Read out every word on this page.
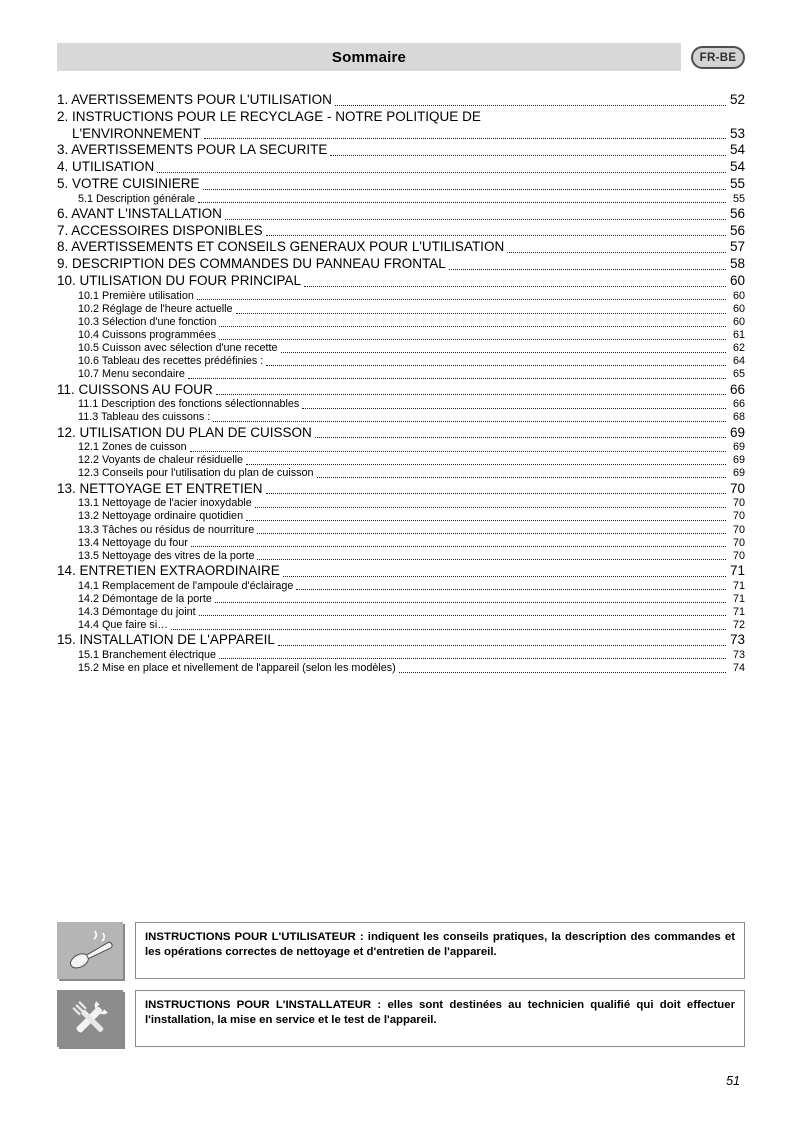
Sommaire	FR-BE
1. AVERTISSEMENTS POUR L'UTILISATION	52
2. INSTRUCTIONS POUR LE RECYCLAGE - NOTRE POLITIQUE DE
L'ENVIRONNEMENT	53
3. AVERTISSEMENTS POUR LA SECURITE	54
4. UTILISATION	54
5. VOTRE CUISINIERE	55
5.1 Description générale	55
6. AVANT L'INSTALLATION	56
7. ACCESSOIRES DISPONIBLES	56
8. AVERTISSEMENTS ET CONSEILS GENERAUX POUR L'UTILISATION	57
9. DESCRIPTION DES COMMANDES DU PANNEAU FRONTAL	58
10. UTILISATION DU FOUR PRINCIPAL	60
10.1 Première utilisation	60
10.2 Réglage de l'heure actuelle	60
10.3 Sélection d'une fonction	60
10.4 Cuissons programmées	61
10.5 Cuisson avec sélection d'une recette	62
10.6 Tableau des recettes prédéfinies :	64
10.7 Menu secondaire	65
11. CUISSONS AU FOUR	66
11.1 Description des fonctions sélectionnables	66
11.3 Tableau des cuissons :	68
12. UTILISATION DU PLAN DE CUISSON	69
12.1 Zones de cuisson	69
12.2 Voyants de chaleur résiduelle	69
12.3 Conseils pour l'utilisation du plan de cuisson	69
13. NETTOYAGE ET ENTRETIEN	70
13.1 Nettoyage de l'acier inoxydable	70
13.2 Nettoyage ordinaire quotidien	70
13.3 Tâches ou résidus de nourriture	70
13.4 Nettoyage du four	70
13.5 Nettoyage des vitres de la porte	70
14. ENTRETIEN EXTRAORDINAIRE	71
14.1 Remplacement de l'ampoule d'éclairage	71
14.2 Démontage de la porte	71
14.3 Démontage du joint	71
14.4 Que faire si…	72
15. INSTALLATION DE L'APPAREIL	73
15.1 Branchement électrique	73
15.2 Mise en place et nivellement de l'appareil (selon les modèles)	74

INSTRUCTIONS POUR L'UTILISATEUR : indiquent les conseils pratiques, la description des commandes et les opérations correctes de nettoyage et d'entretien de l'appareil.

INSTRUCTIONS POUR L'INSTALLATEUR : elles sont destinées au technicien qualifié qui doit effectuer l'installation, la mise en service et le test de l'appareil.

51
